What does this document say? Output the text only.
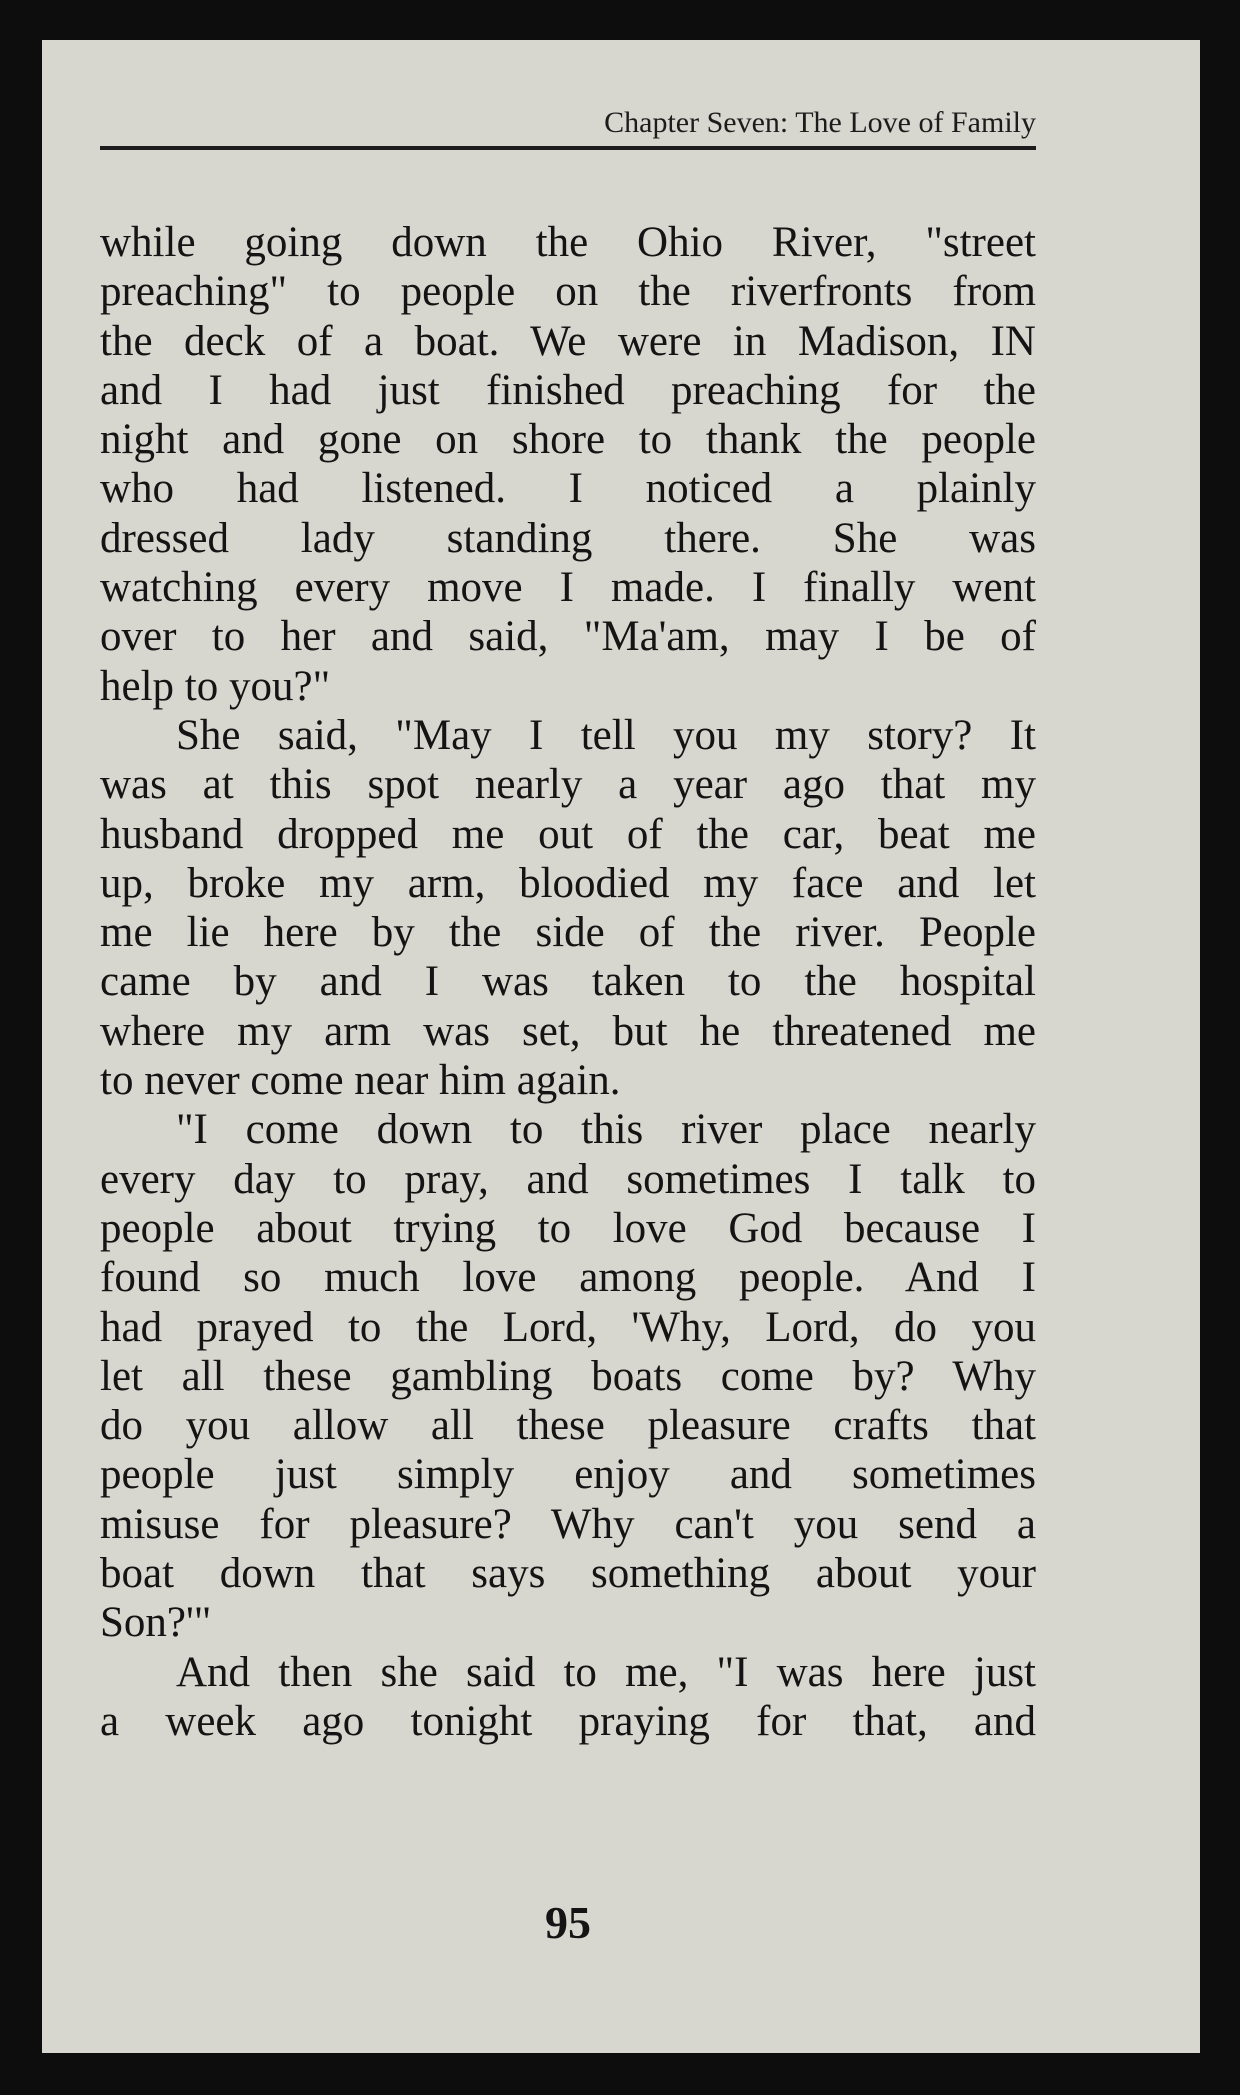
Chapter Seven: The Love of Family

while going down the Ohio River, "street
preaching" to people on the riverfronts from
the deck of a boat. We were in Madison, IN
and I had just finished preaching for the
night and gone on shore to thank the people
who had listened. I noticed a plainly
dressed lady standing there. She was
watching every move I made. I finally went
over to her and said, "Ma'am, may I be of
help to you?"

She said, "May I tell you my story? It
was at this spot nearly a year ago that my
husband dropped me out of the car, beat me
up, broke my arm, bloodied my face and let
me lie here by the side of the river. People
came by and I was taken to the hospital
where my arm was set, but he threatened me
to never come near him again.

"I come down to this river place nearly
every day to pray, and sometimes I talk to
people about trying to love God because I
found so much love among people. And I
had prayed to the Lord, 'Why, Lord, do you
let all these gambling boats come by? Why
do you allow all these pleasure crafts that
people just simply enjoy and sometimes
misuse for pleasure? Why can't you send a
boat down that says something about your
Son?'"

And then she said to me, "I was here just
a week ago tonight praying for that, and

95
